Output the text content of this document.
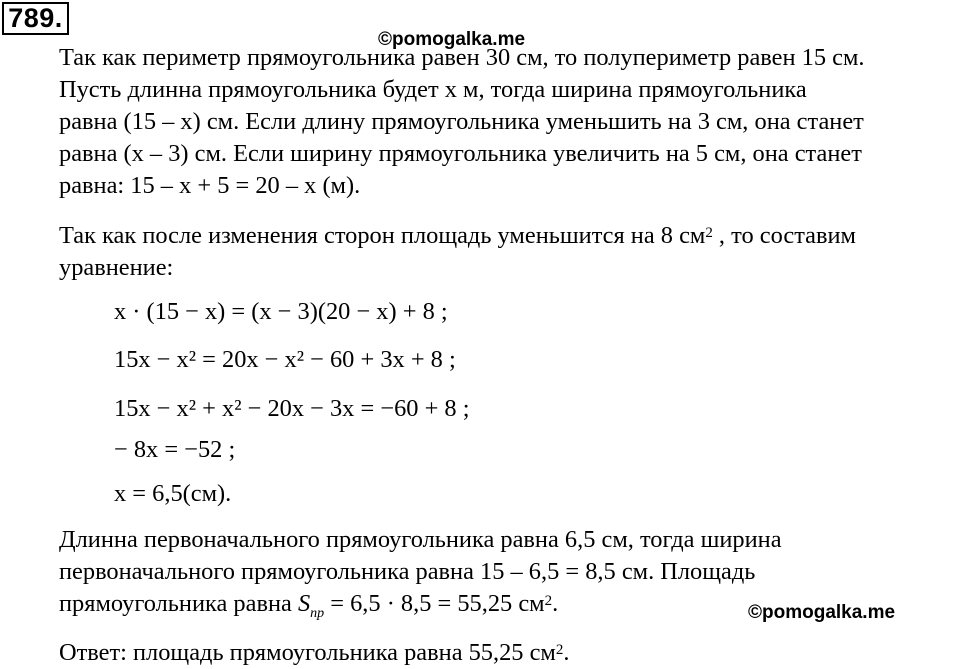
789.
©pomogalka.me
©pomogalka.me
Так как периметр прямоугольника равен 30 см, то полупериметр равен 15 см.
Пусть длинна прямоугольника будет x м, тогда ширина прямоугольника
равна (15 – x) см. Если длину прямоугольника уменьшить на 3 см, она станет
равна (x – 3) см. Если ширину прямоугольника увеличить на 5 см, она станет
равна: 15 – x + 5 = 20 – x (м).
Так как после изменения сторон площадь уменьшится на 8 $см^2$ , то составим
уравнение:
x · (15 − x) = (x − 3)(20 − x) + 8 ;
15x − x² = 20x − x² − 60 + 3x + 8 ;
15x − x² + x² − 20x − 3x = −60 + 8 ;
− 8x = −52 ;
x = 6,5(см).
Длинна первоначального прямоугольника равна 6,5 см, тогда ширина
первоначального прямоугольника равна 15 – 6,5 = 8,5 см. Площадь
прямоугольника равна $S_{пр} = 6,5 \cdot 8,5 = 55,25$ $см^2$.
Ответ: площадь прямоугольника равна 55,25 $см^2$.
